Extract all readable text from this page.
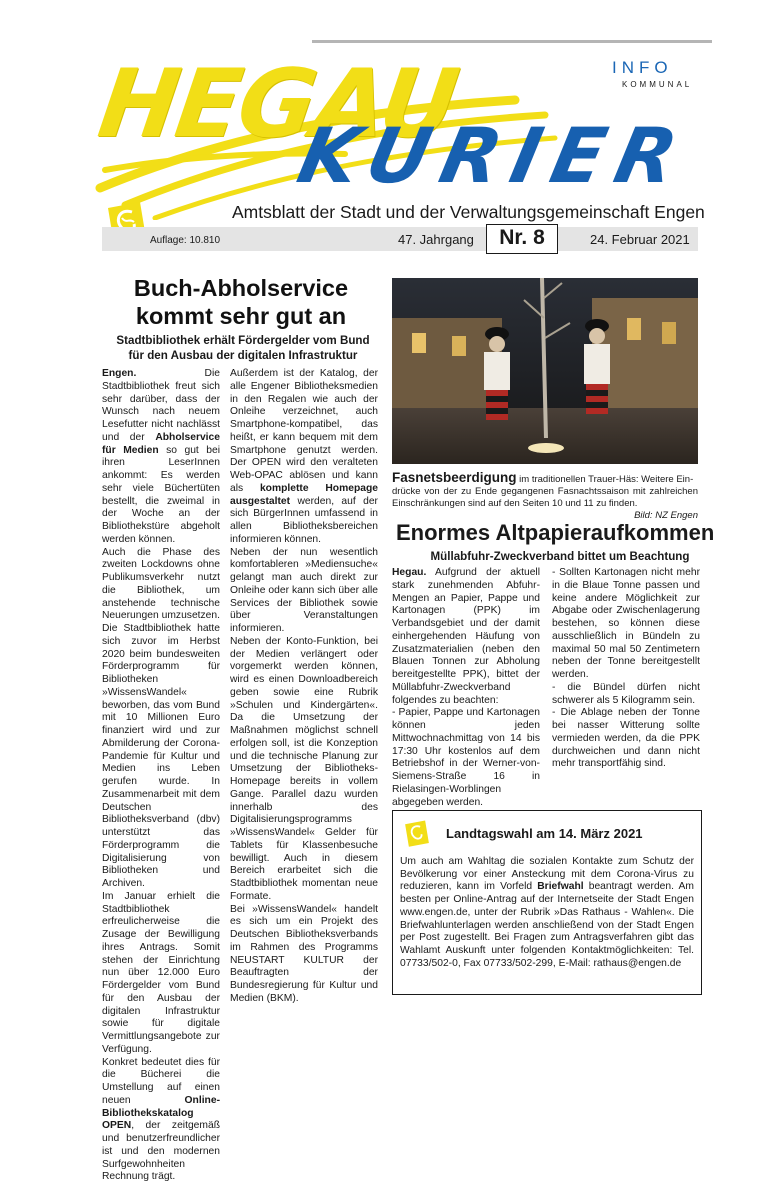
HEGAU
KURIER
INFO
KOMMUNAL
Amtsblatt der Stadt und der Verwaltungsgemeinschaft Engen
Auflage: 10.810	47. Jahrgang	Nr. 8	24. Februar 2021
Buch-Abholservice
kommt sehr gut an
Stadtbibliothek erhält Fördergelder vom Bund
für den Ausbau der digitalen Infrastruktur

Engen. Die Stadtbibliothek freut sich sehr darüber, dass der Wunsch nach neuem Lesefutter nicht nachlässt und der Abholservice für Medien so gut bei ihren LeserInnen ankommt: Es werden sehr viele Büchertüten bestellt, die zweimal in der Woche an der Bibliothekstüre abgeholt werden können.

Auch die Phase des zweiten Lockdowns ohne Publikumsverkehr nutzt die Bibliothek, um anstehende technische Neuerungen umzusetzen. Die Stadtbibliothek hatte sich zuvor im Herbst 2020 beim bundesweiten Förderprogramm für Bibliotheken »WissensWandel« beworben, das vom Bund mit 10 Millionen Euro finanziert wird und zur Abmilderung der Corona-Pandemie für Kultur und Medien ins Leben gerufen wurde. In Zusammenarbeit mit dem Deutschen Bibliotheksverband (dbv) unterstützt das Förderprogramm die Digitalisierung von Bibliotheken und Archiven.

Im Januar erhielt die Stadtbibliothek erfreulicherweise die Zusage der Bewilligung ihres Antrags. Somit stehen der Einrichtung nun über 12.000 Euro Fördergelder vom Bund für den Ausbau der digitalen Infrastruktur sowie für digitale Vermittlungsangebote zur Verfügung.

Konkret bedeutet dies für die Bücherei die Umstellung auf einen neuen Online-Bibliothekskatalog OPEN, der zeitgemäß und benutzerfreundlicher ist und den modernen Surfgewohnheiten Rechnung trägt.

Außerdem ist der Katalog, der alle Engener Bibliotheksmedien in den Regalen wie auch der Onleihe verzeichnet, auch Smartphone-kompatibel, das heißt, er kann bequem mit dem Smartphone genutzt werden. Der OPEN wird den veralteten Web-OPAC ablösen und kann als komplette Homepage ausgestaltet werden, auf der sich BürgerInnen umfassend in allen Bibliotheksbereichen informieren können.

Neben der nun wesentlich komfortableren »Mediensuche« gelangt man auch direkt zur Onleihe oder kann sich über alle Services der Bibliothek sowie über Veranstaltungen informieren.

Neben der Konto-Funktion, bei der Medien verlängert oder vorgemerkt werden können, wird es einen Downloadbereich geben sowie eine Rubrik »Schulen und Kindergärten«. Da die Umsetzung der Maßnahmen möglichst schnell erfolgen soll, ist die Konzeption und die technische Planung zur Umsetzung der Bibliotheks-Homepage bereits in vollem Gange. Parallel dazu wurden innerhalb des Digitalisierungsprogramms »WissensWandel« Gelder für Tablets für Klassenbesuche bewilligt. Auch in diesem Bereich erarbeitet sich die Stadtbibliothek momentan neue Formate.

Bei »WissensWandel« handelt es sich um ein Projekt des Deutschen Bibliotheksverbands im Rahmen des Programms NEUSTART KULTUR der Beauftragten der Bundesregierung für Kultur und Medien (BKM).

Fasnetsbeerdigung im traditionellen Trauer-Häs: Weitere Ein-
drücke von der zu Ende gegangenen Fasnachtssaison mit zahlreichen Einschränkungen sind auf den Seiten 10 und 11 zu finden.
Bild: NZ Engen
Enormes Altpapieraufkommen
Müllabfuhr-Zweckverband bittet um Beachtung

Hegau. Aufgrund der aktuell stark zunehmenden Abfuhr-Mengen an Papier, Pappe und Kartonagen (PPK) im Verbandsgebiet und der damit einhergehenden Häufung von Zusatzmaterialien (neben den Blauen Tonnen zur Abholung bereitgestellte PPK), bittet der Müllabfuhr-Zweckverband folgendes zu beachten:

- Papier, Pappe und Kartonagen können jeden Mittwochnachmittag von 14 bis 17:30 Uhr kostenlos auf dem Betriebshof in der Werner-von-Siemens-Straße 16 in Rielasingen-Worblingen abgegeben werden.

- Sollten Kartonagen nicht mehr in die Blaue Tonne passen und keine andere Möglichkeit zur Abgabe oder Zwischenlagerung bestehen, so können diese ausschließlich in Bündeln zu maximal 50 mal 50 Zentimetern neben der Tonne bereitgestellt werden.

- die Bündel dürfen nicht schwerer als 5 Kilogramm sein.

- Die Ablage neben der Tonne bei nasser Witterung sollte vermieden werden, da die PPK durchweichen und dann nicht mehr transportfähig sind.

Landtagswahl am 14. März 2021
Um auch am Wahltag die sozialen Kontakte zum Schutz der Bevölkerung vor einer Ansteckung mit dem Corona-Virus zu reduzieren, kann im Vorfeld Briefwahl beantragt werden. Am besten per Online-Antrag auf der Internetseite der Stadt Engen www.engen.de, unter der Rubrik »Das Rathaus - Wahlen«. Die Briefwahlunterlagen werden anschließend von der Stadt Engen per Post zugestellt. Bei Fragen zum Antragsverfahren gibt das Wahlamt Auskunft unter folgenden Kontaktmöglichkeiten: Tel. 07733/502-0, Fax 07733/502-299, E-Mail: rathaus@engen.de
